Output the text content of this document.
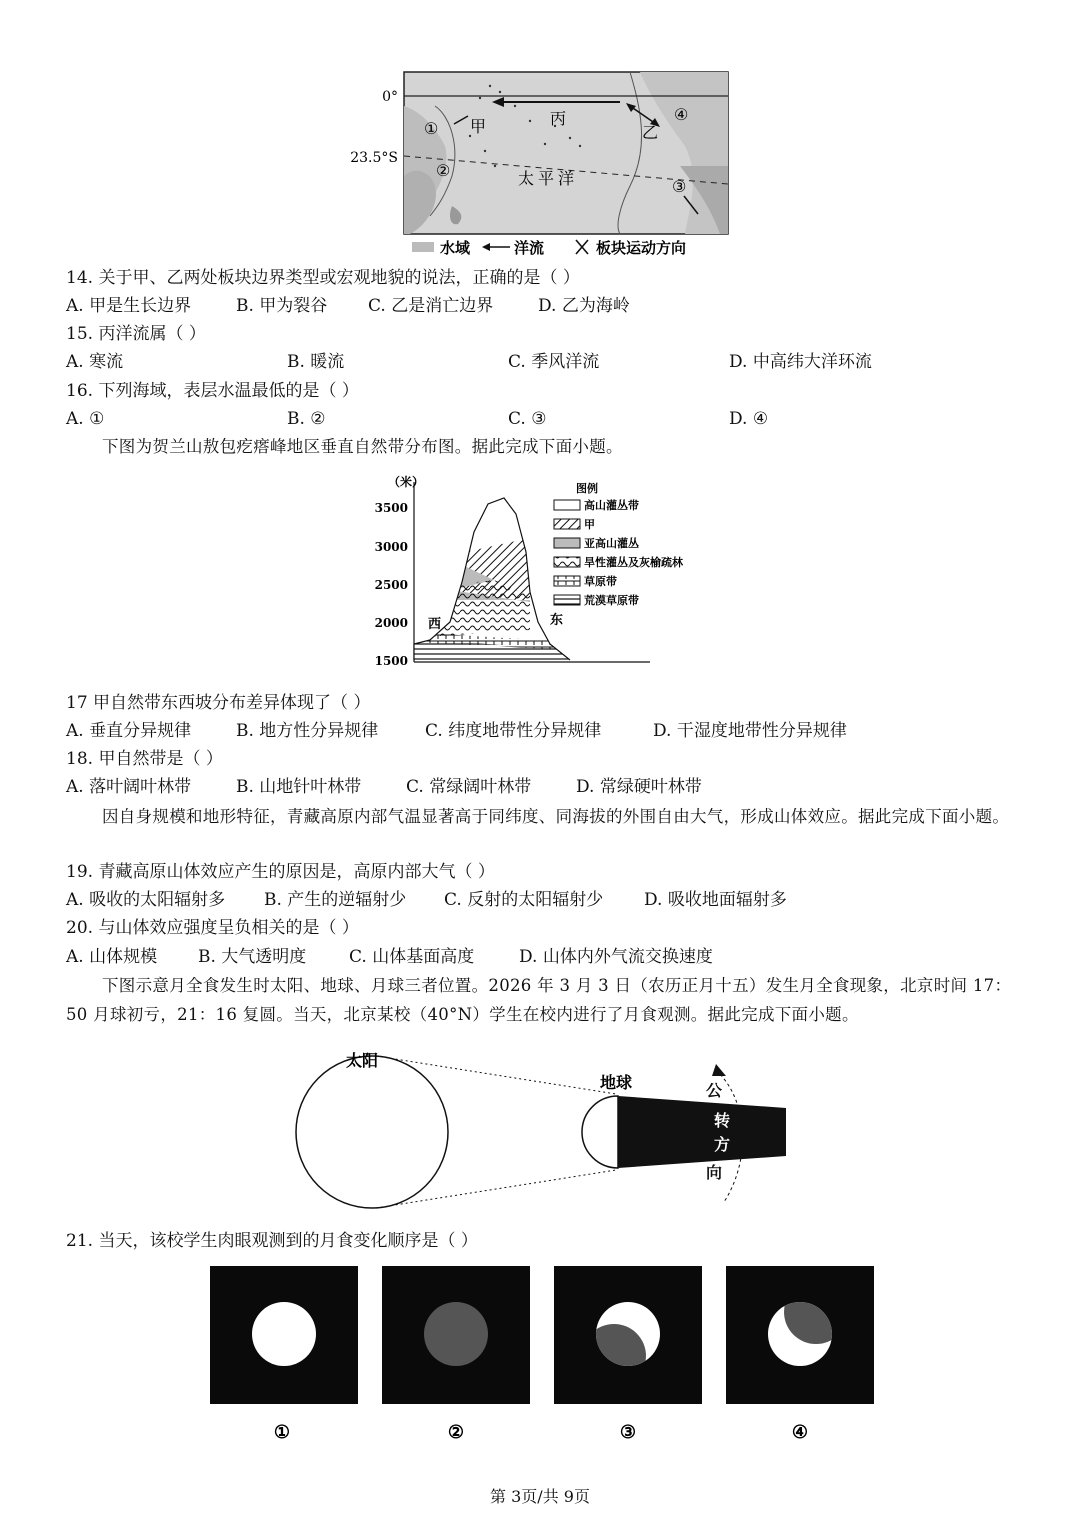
0°
23.5°S
① 甲	丙
乙
④
②	太平洋	③
水域	洋流	板块运动方向
14. 关于甲、乙两处板块边界类型或宏观地貌的说法，正确的是（ ）
A. 甲是生长边界	B. 甲为裂谷 C. 乙是消亡边界	D. 乙为海岭
15. 丙洋流属（ ）
A. 寒流	B. 暖流	C. 季风洋流	D. 中高纬大洋环流
16. 下列海域，表层水温最低的是（ ）
A. ①	B. ②	C. ③	D. ④
下图为贺兰山敖包疙瘩峰地区垂直自然带分布图。据此完成下面小题。
（米）
3500
3000
2500
2000
1500
西	东
图例
高山灌丛带
甲
亚高山灌丛
旱性灌丛及灰榆疏林
草原带
荒漠草原带
17 甲自然带东西坡分布差异体现了（ ）
A. 垂直分异规律	B. 地方性分异规律	C. 纬度地带性分异规律	D. 干湿度地带性分异规律
18. 甲自然带是（ ）
A. 落叶阔叶林带	B. 山地针叶林带	C. 常绿阔叶林带	D. 常绿硬叶林带
因自身规模和地形特征，青藏高原内部气温显著高于同纬度、同海拔的外围自由大气，形成山体效应。据此完成下面小题。
19. 青藏高原山体效应产生的原因是，高原内部大气（ ）
A. 吸收的太阳辐射多 B. 产生的逆辐射少 C. 反射的太阳辐射少 D. 吸收地面辐射多
20. 与山体效应强度呈负相关的是（ ）
A. 山体规模 B. 大气透明度	C. 山体基面高度	D. 山体内外气流交换速度
下图示意月全食发生时太阳、地球、月球三者位置。2026 年 3 月 3 日（农历正月十五）发生月全食现象，北京时间 17：50 月球初亏，21：16 复圆。当天，北京某校（40°N）学生在校内进行了月食观测。据此完成下面小题。
太阳
地球	公
转
方
向
21. 当天，该校学生肉眼观测到的月食变化顺序是（ ）
①	②	③	④
第 3页/共 9页
